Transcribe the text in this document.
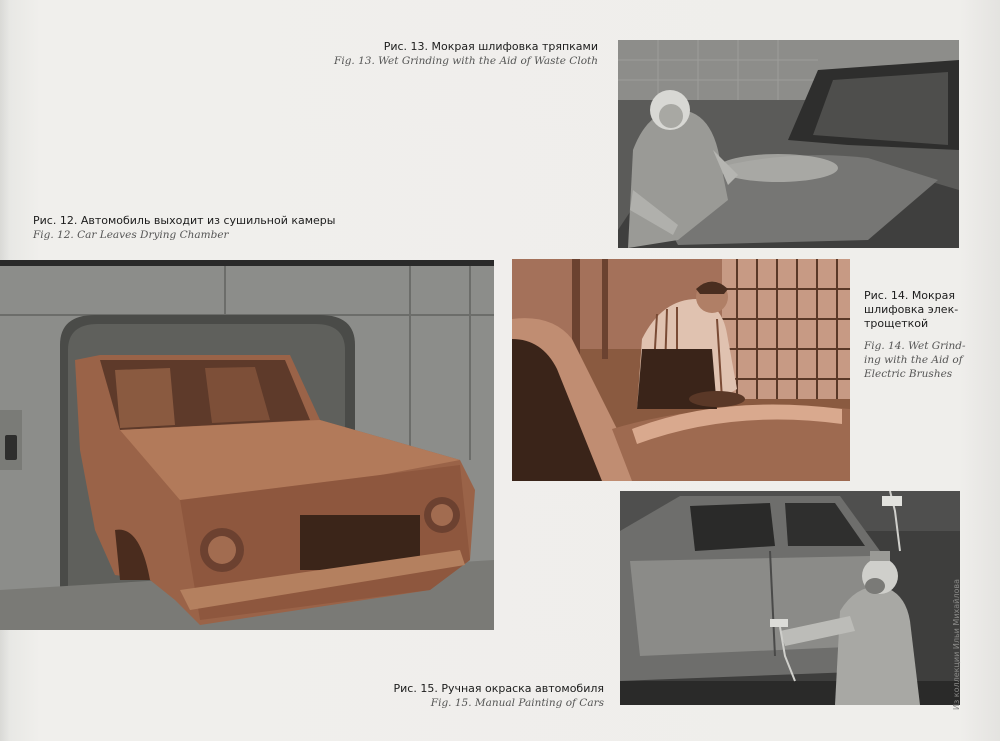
Рис. 13. Мокрая шлифовка тряпками
Fig. 13. Wet Grinding with the Aid of Waste Cloth
Рис. 12. Автомобиль выходит из сушильной камеры
Fig. 12. Car Leaves Drying Chamber
Рис. 14. Мокрая
шлифовка элек-
трощеткой
Fig. 14. Wet Grind-
ing with the Aid of
Electric Brushes
Рис. 15. Ручная окраска автомобиля
Fig. 15. Manual Painting of Cars	Из коллекции Ильи Михайлова
